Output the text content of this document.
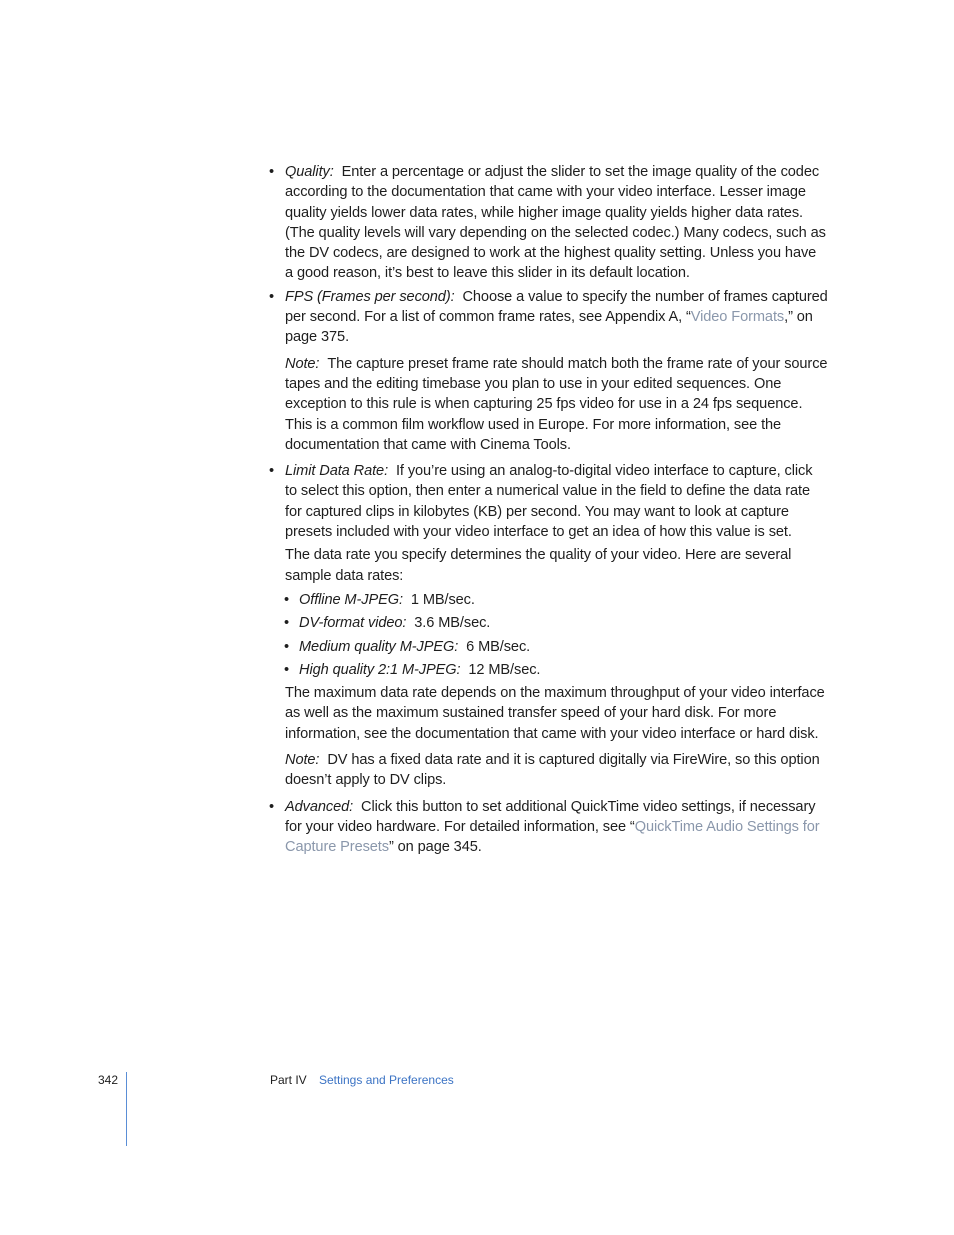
• Quality: Enter a percentage or adjust the slider to set the image quality of the codec according to the documentation that came with your video interface. Lesser image quality yields lower data rates, while higher image quality yields higher data rates. (The quality levels will vary depending on the selected codec.) Many codecs, such as the DV codecs, are designed to work at the highest quality setting. Unless you have a good reason, it’s best to leave this slider in its default location.
• FPS (Frames per second): Choose a value to specify the number of frames captured per second. For a list of common frame rates, see Appendix A, “Video Formats,” on page 375.
Note: The capture preset frame rate should match both the frame rate of your source tapes and the editing timebase you plan to use in your edited sequences. One exception to this rule is when capturing 25 fps video for use in a 24 fps sequence. This is a common film workflow used in Europe. For more information, see the documentation that came with Cinema Tools.
• Limit Data Rate: If you’re using an analog-to-digital video interface to capture, click to select this option, then enter a numerical value in the field to define the data rate for captured clips in kilobytes (KB) per second. You may want to look at capture presets included with your video interface to get an idea of how this value is set.
The data rate you specify determines the quality of your video. Here are several sample data rates:
• Offline M-JPEG: 1 MB/sec.
• DV-format video: 3.6 MB/sec.
• Medium quality M-JPEG: 6 MB/sec.
• High quality 2:1 M-JPEG: 12 MB/sec.
The maximum data rate depends on the maximum throughput of your video interface as well as the maximum sustained transfer speed of your hard disk. For more information, see the documentation that came with your video interface or hard disk.
Note: DV has a fixed data rate and it is captured digitally via FireWire, so this option doesn’t apply to DV clips.
• Advanced: Click this button to set additional QuickTime video settings, if necessary for your video hardware. For detailed information, see “QuickTime Audio Settings for Capture Presets” on page 345.
342	Part IV Settings and Preferences
